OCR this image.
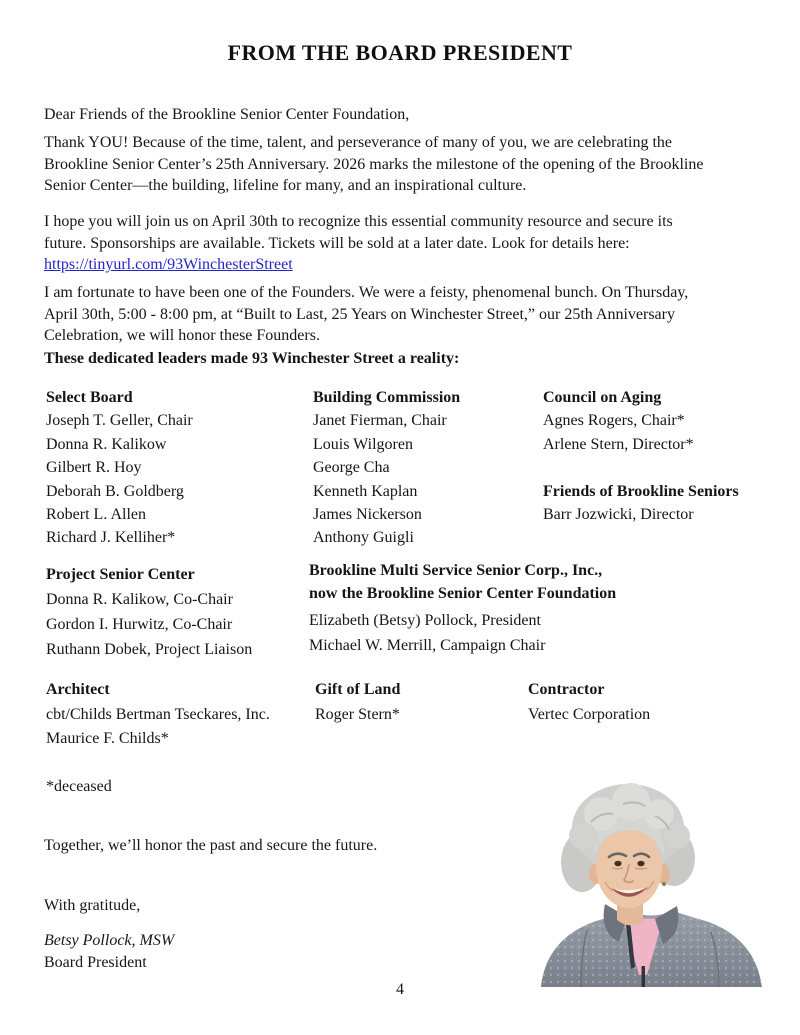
FROM THE BOARD PRESIDENT
Dear Friends of the Brookline Senior Center Foundation,
Thank YOU! Because of the time, talent, and perseverance of many of you, we are celebrating the
Brookline Senior Center’s 25th Anniversary. 2026 marks the milestone of the opening of the Brookline
Senior Center—the building, lifeline for many, and an inspirational culture.
I hope you will join us on April 30th to recognize this essential community resource and secure its
future. Sponsorships are available. Tickets will be sold at a later date. Look for details here:
https://tinyurl.com/93WinchesterStreet
I am fortunate to have been one of the Founders. We were a feisty, phenomenal bunch. On Thursday,
April 30th, 5:00 - 8:00 pm, at “Built to Last, 25 Years on Winchester Street,” our 25th Anniversary
Celebration, we will honor these Founders.
These dedicated leaders made 93 Winchester Street a reality:
Select Board
Joseph T. Geller, Chair
Donna R. Kalikow
Gilbert R. Hoy
Deborah B. Goldberg
Robert L. Allen
Richard J. Kelliher*
Building Commission
Janet Fierman, Chair
Louis Wilgoren
George Cha
Kenneth Kaplan
James Nickerson
Anthony Guigli
Council on Aging
Agnes Rogers, Chair*
Arlene Stern, Director*
Friends of Brookline Seniors
Barr Jozwicki, Director
Project Senior Center
Donna R. Kalikow, Co-Chair
Gordon I. Hurwitz, Co-Chair
Ruthann Dobek, Project Liaison
Brookline Multi Service Senior Corp., Inc.,
now the Brookline Senior Center Foundation
Elizabeth (Betsy) Pollock, President
Michael W. Merrill, Campaign Chair
Architect
cbt/Childs Bertman Tseckares, Inc.
Maurice F. Childs*
Gift of Land
Roger Stern*
Contractor
Vertec Corporation
*deceased
Together, we’ll honor the past and secure the future.
With gratitude,
Betsy Pollock, MSW
Board President
4
